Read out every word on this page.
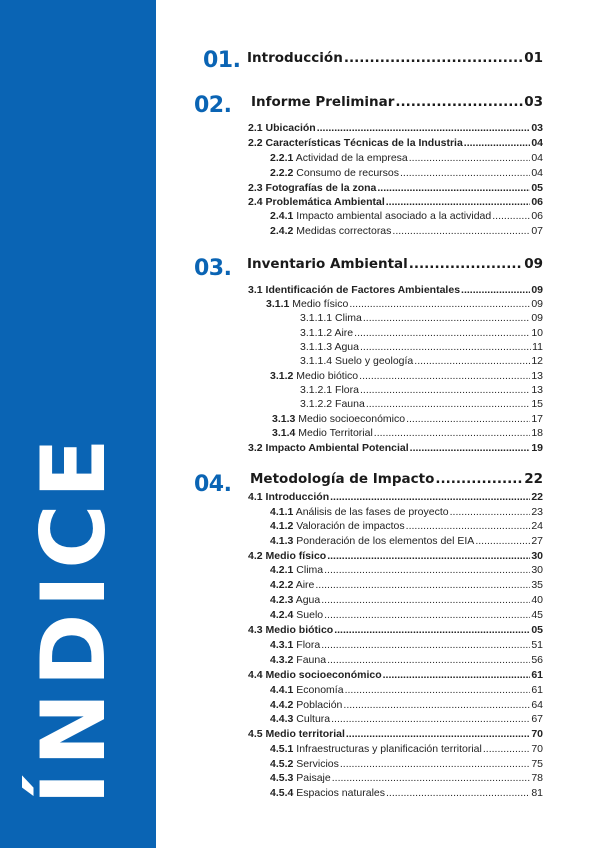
ÍNDICE
01. Introducción .....	01
02. Informe Preliminar .....	03
03. Inventario Ambiental .....	09
04. Metodología de Impacto .....	22
2.1 Ubicación .....	03
2.2 Características Técnicas de la Industria .....	04
2.2.1 Actividad de la empresa .....	04
2.2.2 Consumo de recursos .....	04
2.3 Fotografías de la zona .....	05
2.4 Problemática Ambiental .....	06
2.4.1 Impacto ambiental asociado a la actividad .....	06
2.4.2 Medidas correctoras .....	07
3.1 Identificación de Factores Ambientales .....	09
3.1.1 Medio físico .....	09
3.1.1.1 Clima .....	09
3.1.1.2 Aire .....	10
3.1.1.3 Agua .....	11
3.1.1.4 Suelo y geología .....	12
3.1.2 Medio biótico .....	13
3.1.2.1 Flora .....	13
3.1.2.2 Fauna .....	15
3.1.3 Medio socioeconómico .....	17
3.1.4 Medio Territorial .....	18
3.2 Impacto Ambiental Potencial .....	19
4.1 Introducción .....	22
4.1.1 Análisis de las fases de proyecto .....	23
4.1.2 Valoración de impactos .....	24
4.1.3 Ponderación de los elementos del EIA .....	27
4.2 Medio físico .....	30
4.2.1 Clima .....	30
4.2.2 Aire .....	35
4.2.3 Agua .....	40
4.2.4 Suelo .....	45
4.3 Medio biótico .....	05
4.3.1 Flora .....	51
4.3.2 Fauna .....	56
4.4 Medio socioeconómico .....	61
4.4.1 Economía .....	61
4.4.2 Población .....	64
4.4.3 Cultura .....	67
4.5 Medio territorial .....	70
4.5.1 Infraestructuras y planificación territorial .....	70
4.5.2 Servicios .....	75
4.5.3 Paisaje .....	78
4.5.4 Espacios naturales .....	81
